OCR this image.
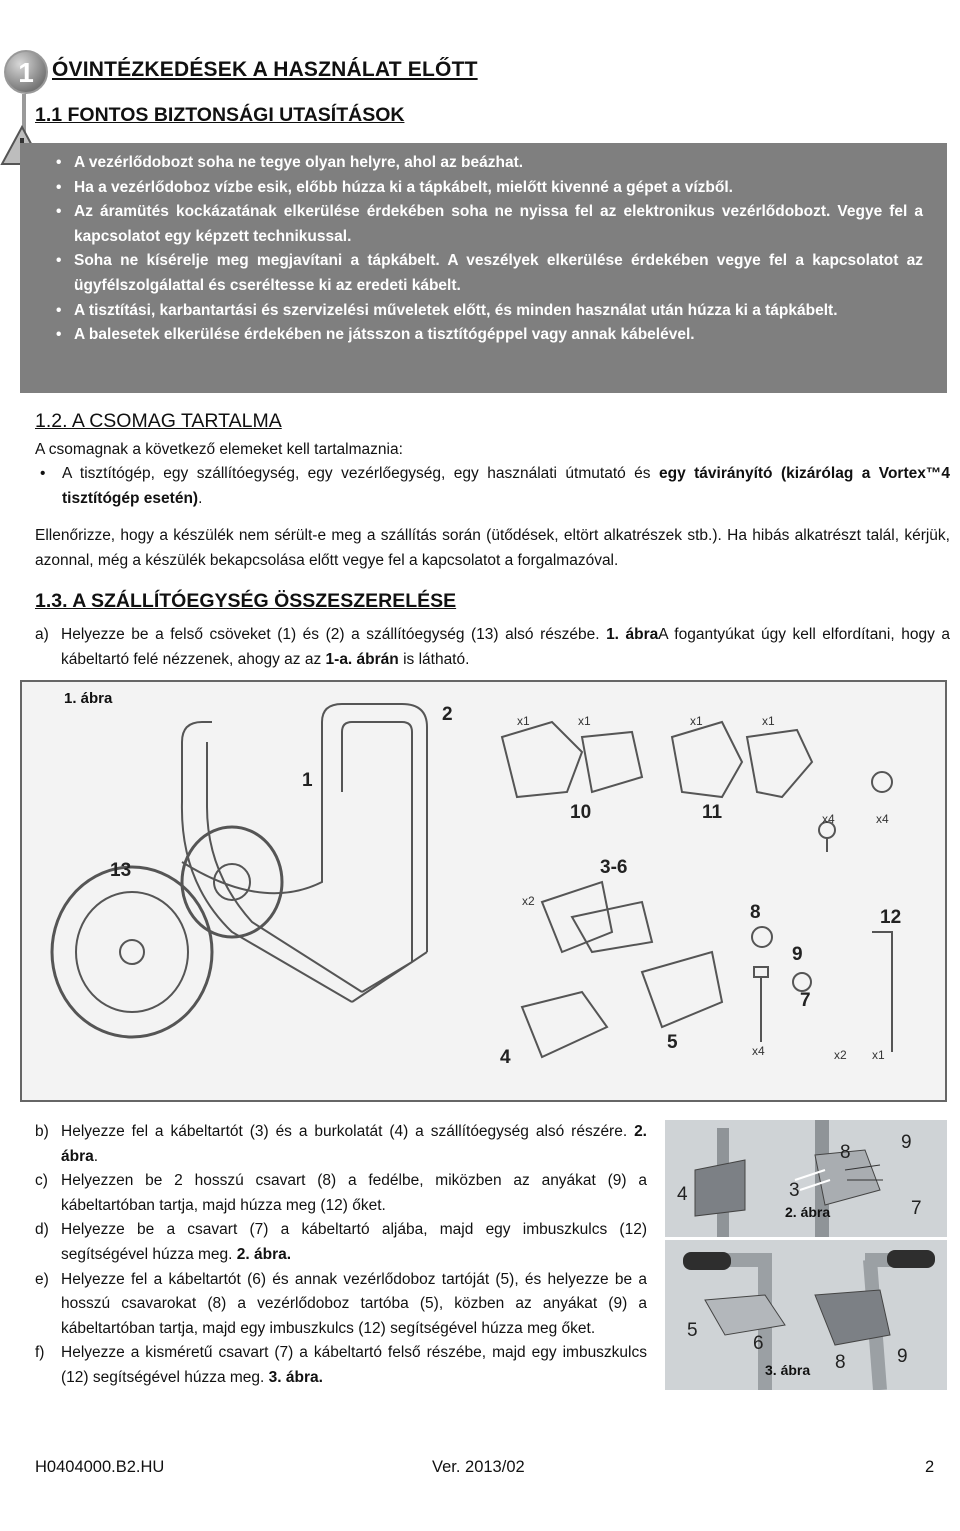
1 ÓVINTÉZKEDÉSEK A HASZNÁLAT ELŐTT
1.1 FONTOS BIZTONSÁGI UTASÍTÁSOK
• A vezérlődobozt soha ne tegye olyan helyre, ahol az beázhat.
• Ha a vezérlődoboz vízbe esik, előbb húzza ki a tápkábelt, mielőtt kivenné a gépet a vízből.
• Az áramütés kockázatának elkerülése érdekében soha ne nyissa fel az elektronikus vezérlődobozt. Vegye fel a kapcsolatot egy képzett technikussal.
• Soha ne kísérelje meg megjavítani a tápkábelt. A veszélyek elkerülése érdekében vegye fel a kapcsolatot az ügyfélszolgálattal és cseréltesse ki az eredeti kábelt.
• A tisztítási, karbantartási és szervizelési műveletek előtt, és minden használat után húzza ki a tápkábelt.
• A balesetek elkerülése érdekében ne játsszon a tisztítógéppel vagy annak kábelével.
1.2. A CSOMAG TARTALMA
A csomagnak a következő elemeket kell tartalmaznia:
• A tisztítógép, egy szállítóegység, egy vezérlőegység, egy használati útmutató és egy távirányító (kizárólag a Vortex™4 tisztítógép esetén).
Ellenőrizze, hogy a készülék nem sérült-e meg a szállítás során (ütődések, eltört alkatrészek stb.). Ha hibás alkatrészt talál, kérjük, azonnal, még a készülék bekapcsolása előtt vegye fel a kapcsolatot a forgalmazóval.
1.3. A SZÁLLÍTÓEGYSÉG ÖSSZESZERELÉSE
a) Helyezze be a felső csöveket (1) és (2) a szállítóegység (13) alsó részébe. 1. ábraA fogantyúkat úgy kell elfordítani, hogy a kábeltartó felé nézzenek, ahogy az az 1-a. ábrán is látható.
1. ábra
2
1
13
10	11
3-6
8	12
9
7
5
4
x1	x1	x1	x1
x4	x4
x2
x4	x2 x1
b) Helyezze fel a kábeltartót (3) és a burkolatát (4) a szállítóegység alsó részére. 2. ábra.
c) Helyezzen be 2 hosszú csavart (8) a fedélbe, miközben az anyákat (9) a kábeltartóban tartja, majd húzza meg (12) őket.
d) Helyezze be a csavart (7) a kábeltartó aljába, majd egy imbuszkulcs (12) segítségével húzza meg. 2. ábra.
e) Helyezze fel a kábeltartót (6) és annak vezérlődoboz tartóját (5), és helyezze be a hosszú csavarokat (8) a vezérlődoboz tartóba (5), közben az anyákat (9) a kábeltartóban tartja, majd egy imbuszkulcs (12) segítségével húzza meg őket.
f) Helyezze a kisméretű csavart (7) a kábeltartó felső részébe, majd egy imbuszkulcs (12) segítségével húzza meg. 3. ábra.
8	9
4	3
7
2. ábra
5
6
8	9
3. ábra
H0404000.B2.HU	Ver. 2013/02	2
